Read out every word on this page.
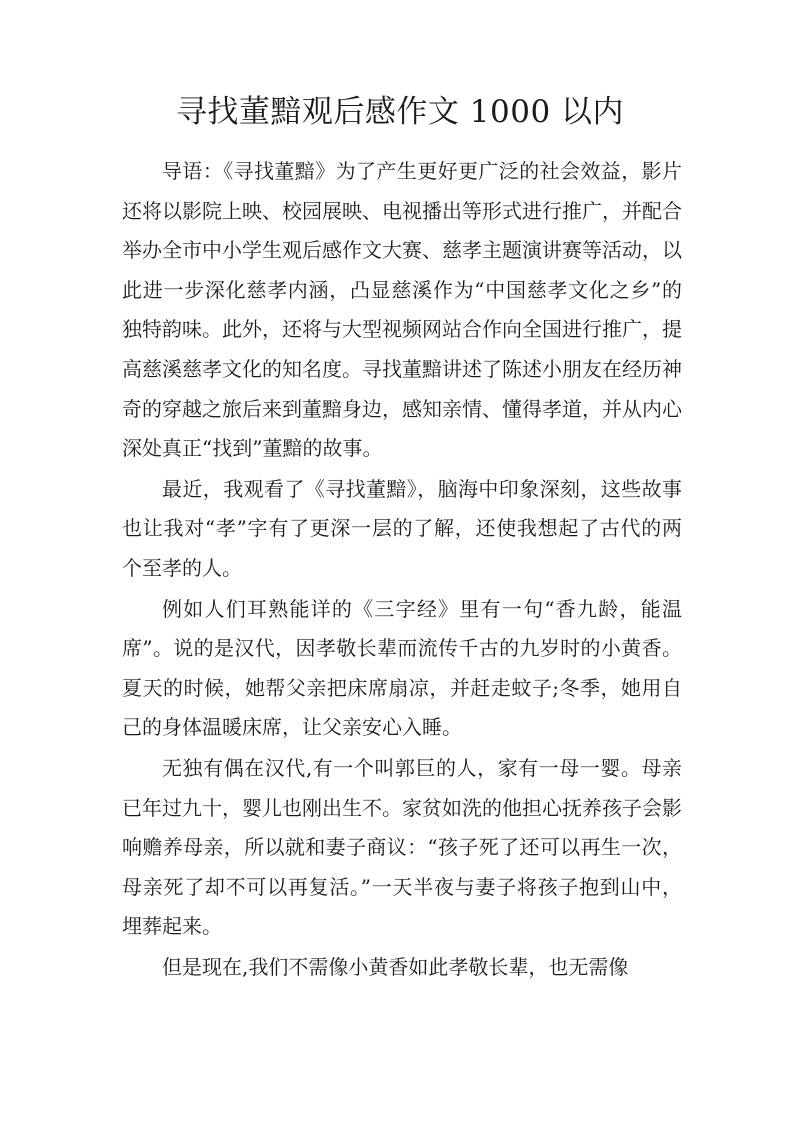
寻找董黯观后感作文 1000 以内

导语：《寻找董黯》为了产生更好更广泛的社会效益，影片还将以影院上映、校园展映、电视播出等形式进行推广，并配合举办全市中小学生观后感作文大赛、慈孝主题演讲赛等活动，以此进一步深化慈孝内涵，凸显慈溪作为“中国慈孝文化之乡”的独特韵味。此外，还将与大型视频网站合作向全国进行推广，提高慈溪慈孝文化的知名度。寻找董黯讲述了陈述小朋友在经历神奇的穿越之旅后来到董黯身边，感知亲情、懂得孝道，并从内心深处真正“找到”董黯的故事。

最近，我观看了《寻找董黯》，脑海中印象深刻，这些故事也让我对“孝”字有了更深一层的了解，还使我想起了古代的两个至孝的人。

例如人们耳熟能详的《三字经》里有一句“香九龄，能温席”。说的是汉代，因孝敬长辈而流传千古的九岁时的小黄香。夏天的时候，她帮父亲把床席扇凉，并赶走蚊子;冬季，她用自己的身体温暖床席，让父亲安心入睡。

无独有偶在汉代,有一个叫郭巨的人，家有一母一婴。母亲已年过九十，婴儿也刚出生不。家贫如洗的他担心抚养孩子会影响赡养母亲，所以就和妻子商议：“孩子死了还可以再生一次，母亲死了却不可以再复活。”一天半夜与妻子将孩子抱到山中，埋葬起来。

但是现在,我们不需像小黄香如此孝敬长辈，也无需像
